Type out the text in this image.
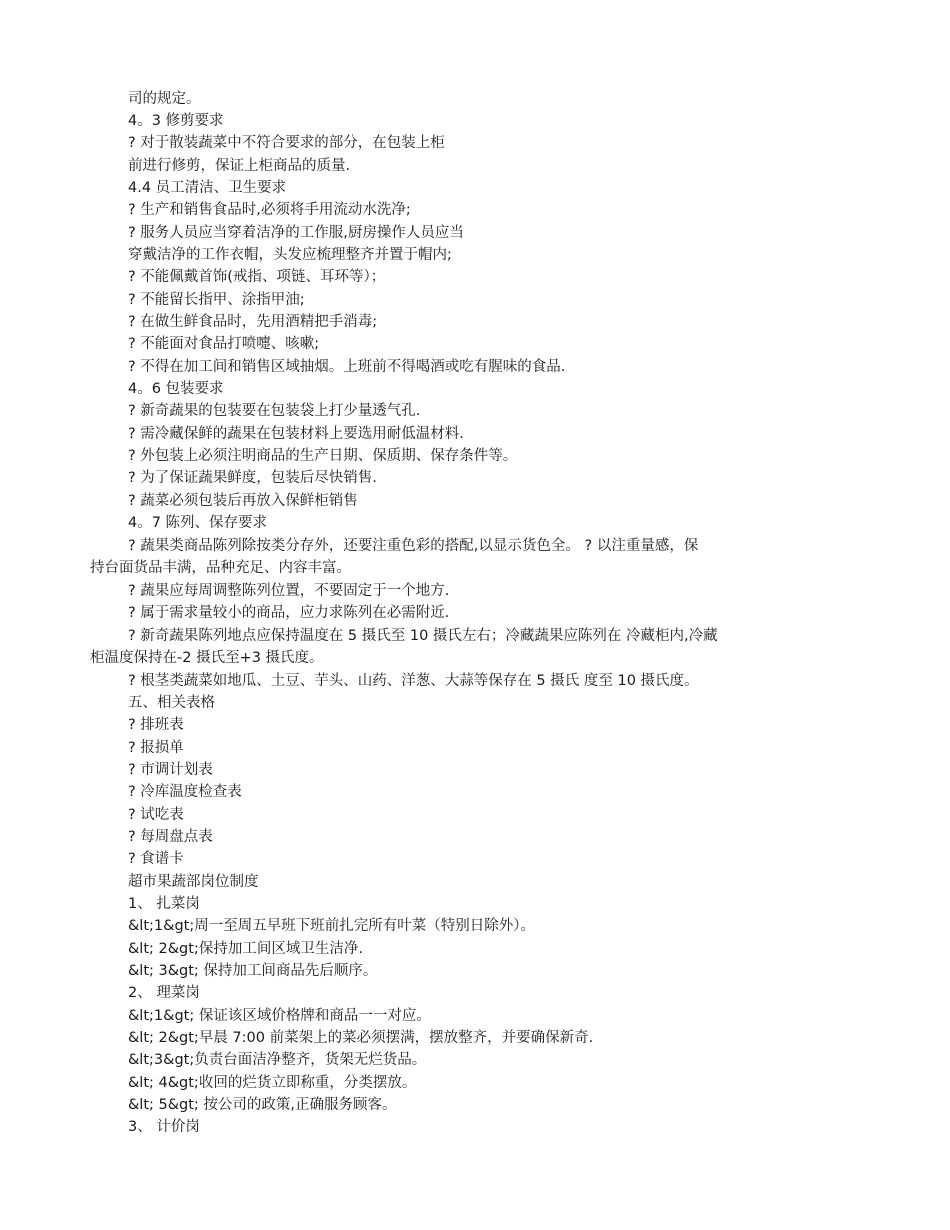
司的规定。
4。3 修剪要求
? 对于散装蔬菜中不符合要求的部分，在包装上柜
前进行修剪，保证上柜商品的质量.
4.4 员工清洁、卫生要求
? 生产和销售食品时,必须将手用流动水洗净;
? 服务人员应当穿着洁净的工作服,厨房操作人员应当
穿戴洁净的工作衣帽，头发应梳理整齐并置于帽内;
? 不能佩戴首饰(戒指、项链、耳环等）；
? 不能留长指甲、涂指甲油;
? 在做生鲜食品时，先用酒精把手消毒;
? 不能面对食品打喷嚏、咳嗽;
? 不得在加工间和销售区域抽烟。上班前不得喝酒或吃有腥味的食品.
4。6 包装要求
? 新奇蔬果的包装要在包装袋上打少量透气孔.
? 需冷藏保鲜的蔬果在包装材料上要选用耐低温材料.
? 外包装上必须注明商品的生产日期、保质期、保存条件等。
? 为了保证蔬果鲜度，包装后尽快销售.
? 蔬菜必须包装后再放入保鲜柜销售
4。7 陈列、保存要求
? 蔬果类商品陈列除按类分存外，还要注重色彩的搭配,以显示货色全。 ? 以注重量感，保
持台面货品丰满，品种充足、内容丰富。
? 蔬果应每周调整陈列位置，不要固定于一个地方.
? 属于需求量较小的商品，应力求陈列在必需附近.
? 新奇蔬果陈列地点应保持温度在 5 摄氏至 10 摄氏左右；冷藏蔬果应陈列在 冷藏柜内,冷藏
柜温度保持在-2 摄氏至+3 摄氏度。
? 根茎类蔬菜如地瓜、土豆、芋头、山药、洋葱、大蒜等保存在 5 摄氏 度至 10 摄氏度。
五、相关表格
? 排班表
? 报损单
? 市调计划表
? 冷库温度检查表
? 试吃表
? 每周盘点表
? 食谱卡
超市果蔬部岗位制度
1、 扎菜岗
&lt;1&gt;周一至周五早班下班前扎完所有叶菜（特别日除外）。
&lt; 2&gt;保持加工间区域卫生洁净.
&lt; 3&gt; 保持加工间商品先后顺序。
2、 理菜岗
&lt;1&gt; 保证该区域价格牌和商品一一对应。
&lt; 2&gt;早晨 7:00 前菜架上的菜必须摆满，摆放整齐，并要确保新奇.
&lt;3&gt;负责台面洁净整齐，货架无烂货品。
&lt; 4&gt;收回的烂货立即称重，分类摆放。
&lt; 5&gt; 按公司的政策,正确服务顾客。
3、 计价岗
